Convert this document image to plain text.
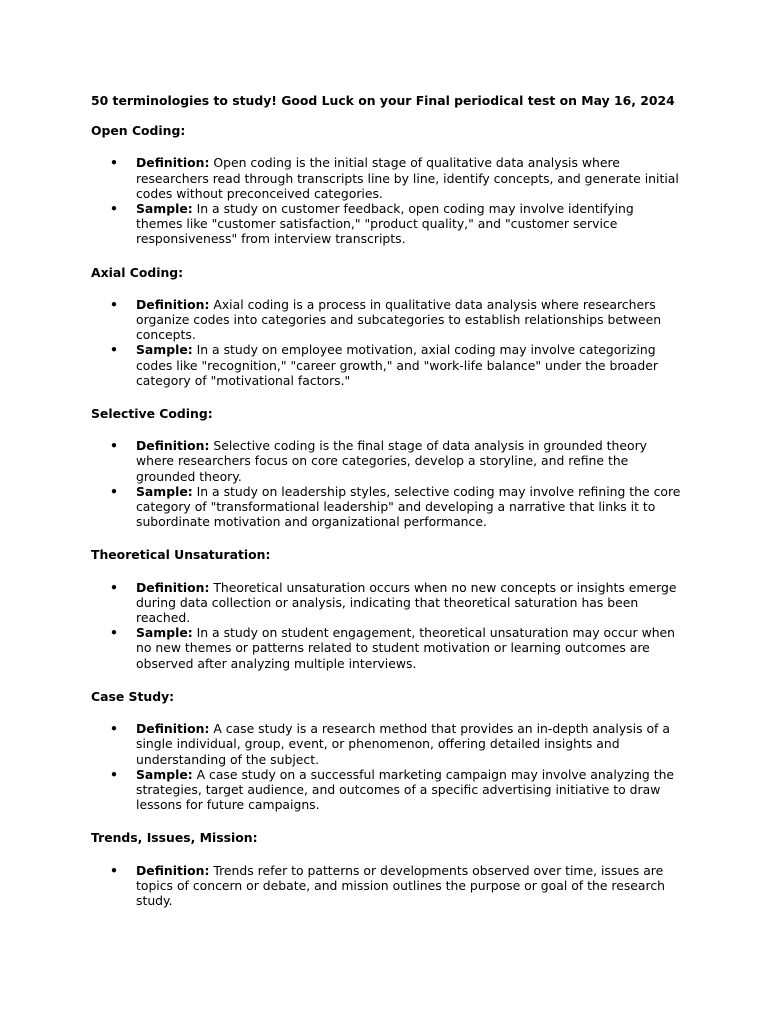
50 terminologies to study! Good Luck on your Final periodical test on May 16, 2024
Open Coding:
• Definition: Open coding is the initial stage of qualitative data analysis where researchers read through transcripts line by line, identify concepts, and generate initial codes without preconceived categories.
• Sample: In a study on customer feedback, open coding may involve identifying themes like "customer satisfaction," "product quality," and "customer service responsiveness" from interview transcripts.
Axial Coding:
• Definition: Axial coding is a process in qualitative data analysis where researchers organize codes into categories and subcategories to establish relationships between concepts.
• Sample: In a study on employee motivation, axial coding may involve categorizing codes like "recognition," "career growth," and "work-life balance" under the broader category of "motivational factors."
Selective Coding:
• Definition: Selective coding is the final stage of data analysis in grounded theory where researchers focus on core categories, develop a storyline, and refine the grounded theory.
• Sample: In a study on leadership styles, selective coding may involve refining the core category of "transformational leadership" and developing a narrative that links it to subordinate motivation and organizational performance.
Theoretical Unsaturation:
• Definition: Theoretical unsaturation occurs when no new concepts or insights emerge during data collection or analysis, indicating that theoretical saturation has been reached.
• Sample: In a study on student engagement, theoretical unsaturation may occur when no new themes or patterns related to student motivation or learning outcomes are observed after analyzing multiple interviews.
Case Study:
• Definition: A case study is a research method that provides an in-depth analysis of a single individual, group, event, or phenomenon, offering detailed insights and understanding of the subject.
• Sample: A case study on a successful marketing campaign may involve analyzing the strategies, target audience, and outcomes of a specific advertising initiative to draw lessons for future campaigns.
Trends, Issues, Mission:
• Definition: Trends refer to patterns or developments observed over time, issues are topics of concern or debate, and mission outlines the purpose or goal of the research study.
